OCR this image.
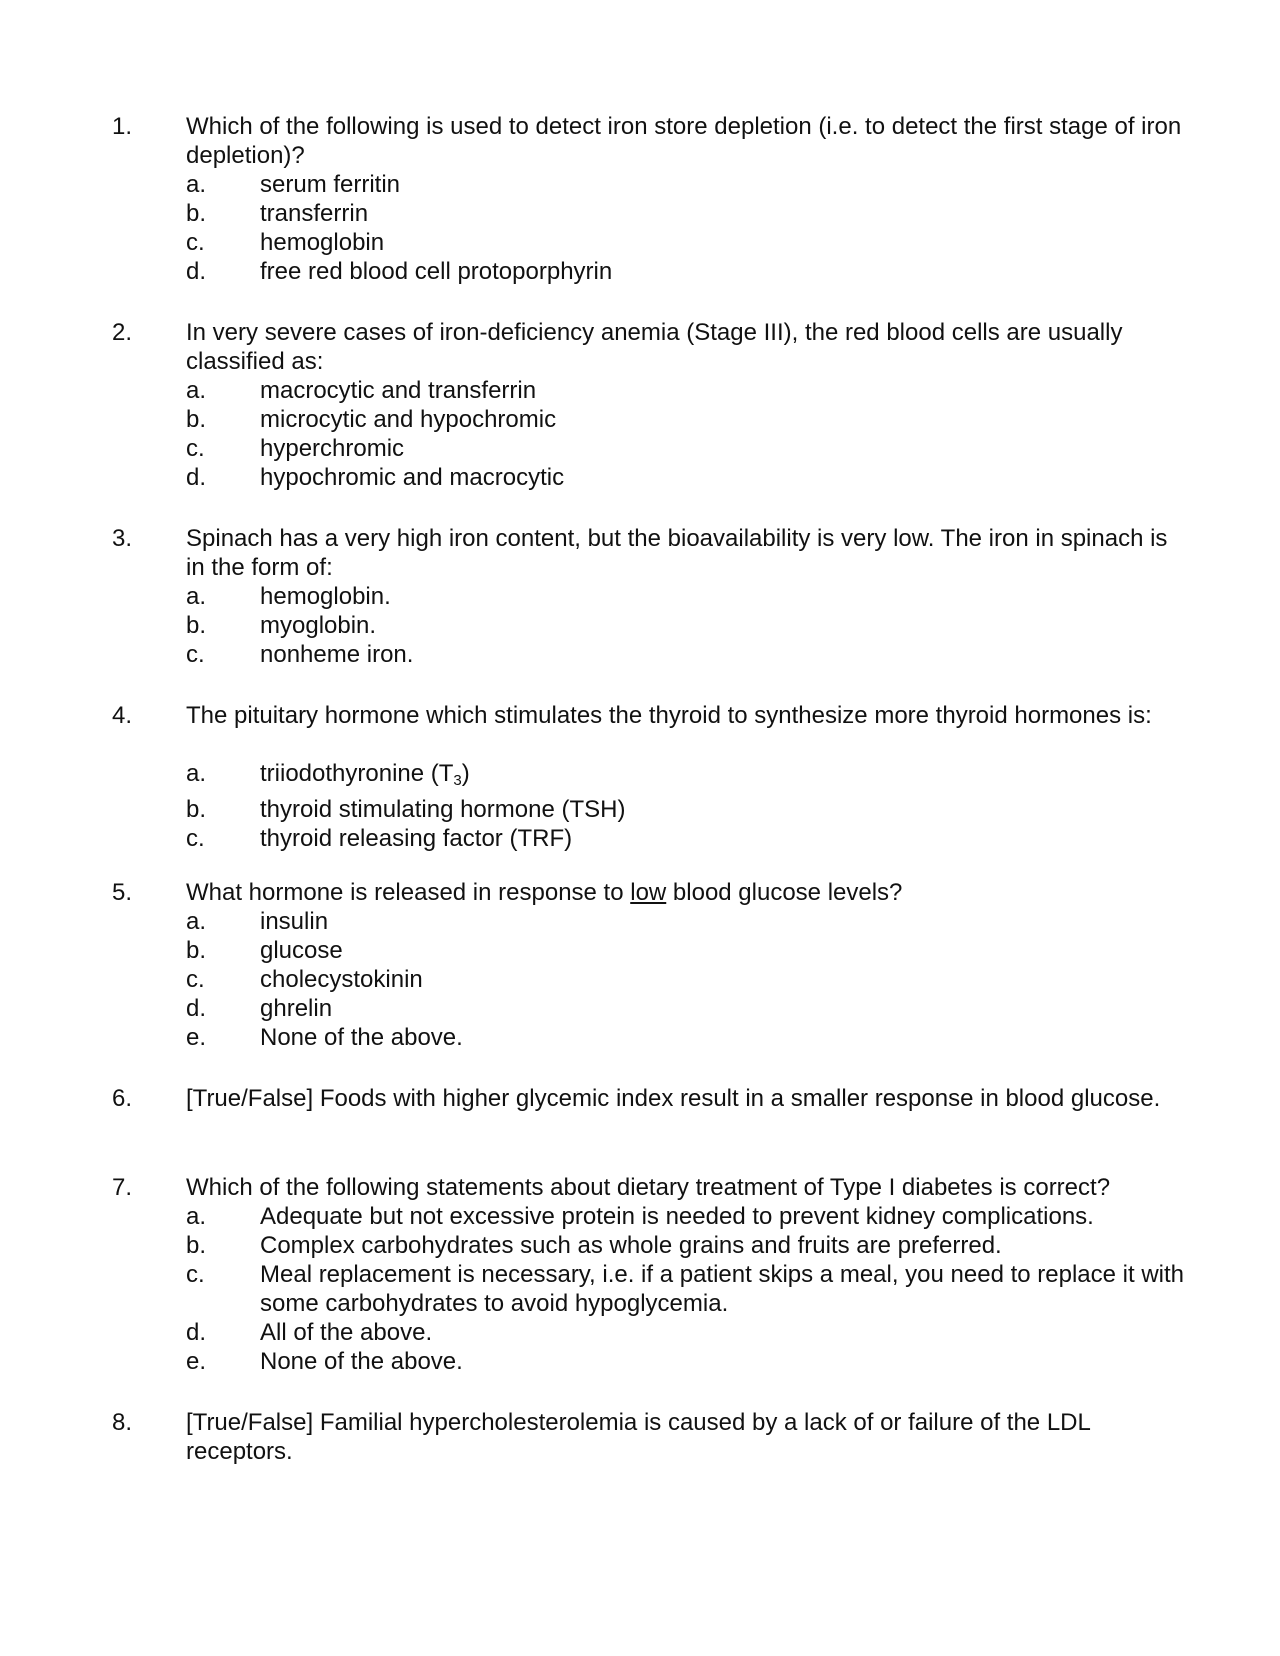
1. Which of the following is used to detect iron store depletion (i.e. to detect the first stage of iron depletion)?
a. serum ferritin
b. transferrin
c. hemoglobin
d. free red blood cell protoporphyrin
2. In very severe cases of iron-deficiency anemia (Stage III), the red blood cells are usually classified as:
a. macrocytic and transferrin
b. microcytic and hypochromic
c. hyperchromic
d. hypochromic and macrocytic
3. Spinach has a very high iron content, but the bioavailability is very low. The iron in spinach is in the form of:
a. hemoglobin.
b. myoglobin.
c. nonheme iron.
4. The pituitary hormone which stimulates the thyroid to synthesize more thyroid hormones is:
a. triiodothyronine $(T_3)$
b. thyroid stimulating hormone (TSH)
c. thyroid releasing factor (TRF)
5. What hormone is released in response to low blood glucose levels?
a. insulin
b. glucose
c. cholecystokinin
d. ghrelin
e. None of the above.
6. [True/False] Foods with higher glycemic index result in a smaller response in blood glucose.
7. Which of the following statements about dietary treatment of Type I diabetes is correct?
a. Adequate but not excessive protein is needed to prevent kidney complications.
b. Complex carbohydrates such as whole grains and fruits are preferred.
c. Meal replacement is necessary, i.e. if a patient skips a meal, you need to replace it with some carbohydrates to avoid hypoglycemia.
d. All of the above.
e. None of the above.
8. [True/False] Familial hypercholesterolemia is caused by a lack of or failure of the LDL receptors.
